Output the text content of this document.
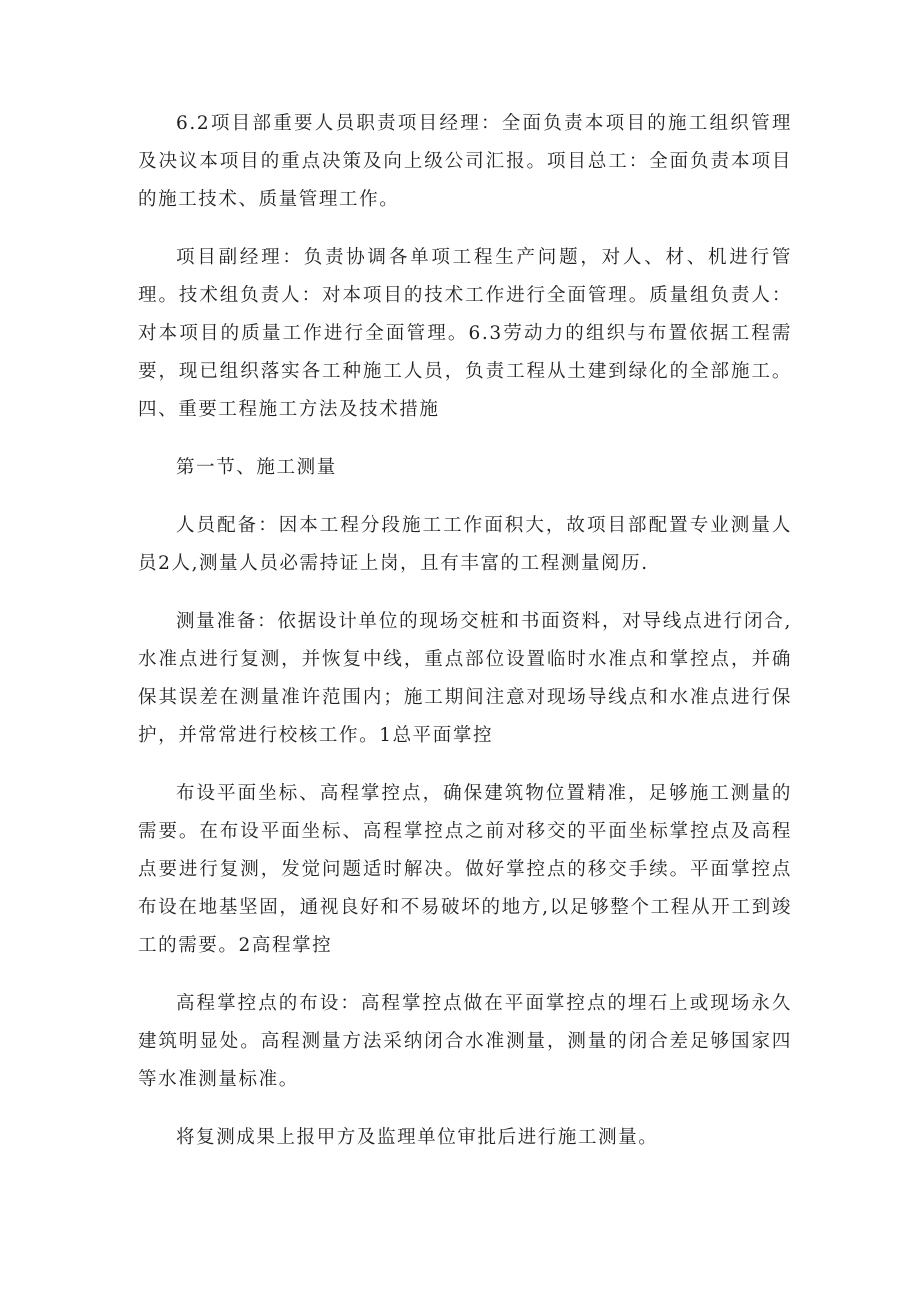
6.2项目部重要人员职责项目经理：全面负责本项目的施工组织管理及决议本项目的重点决策及向上级公司汇报。项目总工：全面负责本项目的施工技术、质量管理工作。

项目副经理：负责协调各单项工程生产问题，对人、材、机进行管理。技术组负责人：对本项目的技术工作进行全面管理。质量组负责人：对本项目的质量工作进行全面管理。6.3劳动力的组织与布置依据工程需要，现已组织落实各工种施工人员，负责工程从土建到绿化的全部施工。四、重要工程施工方法及技术措施

第一节、施工测量

人员配备：因本工程分段施工工作面积大，故项目部配置专业测量人员2人,测量人员必需持证上岗，且有丰富的工程测量阅历.

测量准备：依据设计单位的现场交桩和书面资料，对导线点进行闭合,水准点进行复测，并恢复中线，重点部位设置临时水准点和掌控点，并确保其误差在测量准许范围内；施工期间注意对现场导线点和水准点进行保护，并常常进行校核工作。1总平面掌控

布设平面坐标、高程掌控点，确保建筑物位置精准，足够施工测量的需要。在布设平面坐标、高程掌控点之前对移交的平面坐标掌控点及高程点要进行复测，发觉问题适时解决。做好掌控点的移交手续。平面掌控点布设在地基坚固，通视良好和不易破坏的地方,以足够整个工程从开工到竣工的需要。2高程掌控

高程掌控点的布设：高程掌控点做在平面掌控点的埋石上或现场永久建筑明显处。高程测量方法采纳闭合水准测量，测量的闭合差足够国家四等水准测量标准。

将复测成果上报甲方及监理单位审批后进行施工测量。
